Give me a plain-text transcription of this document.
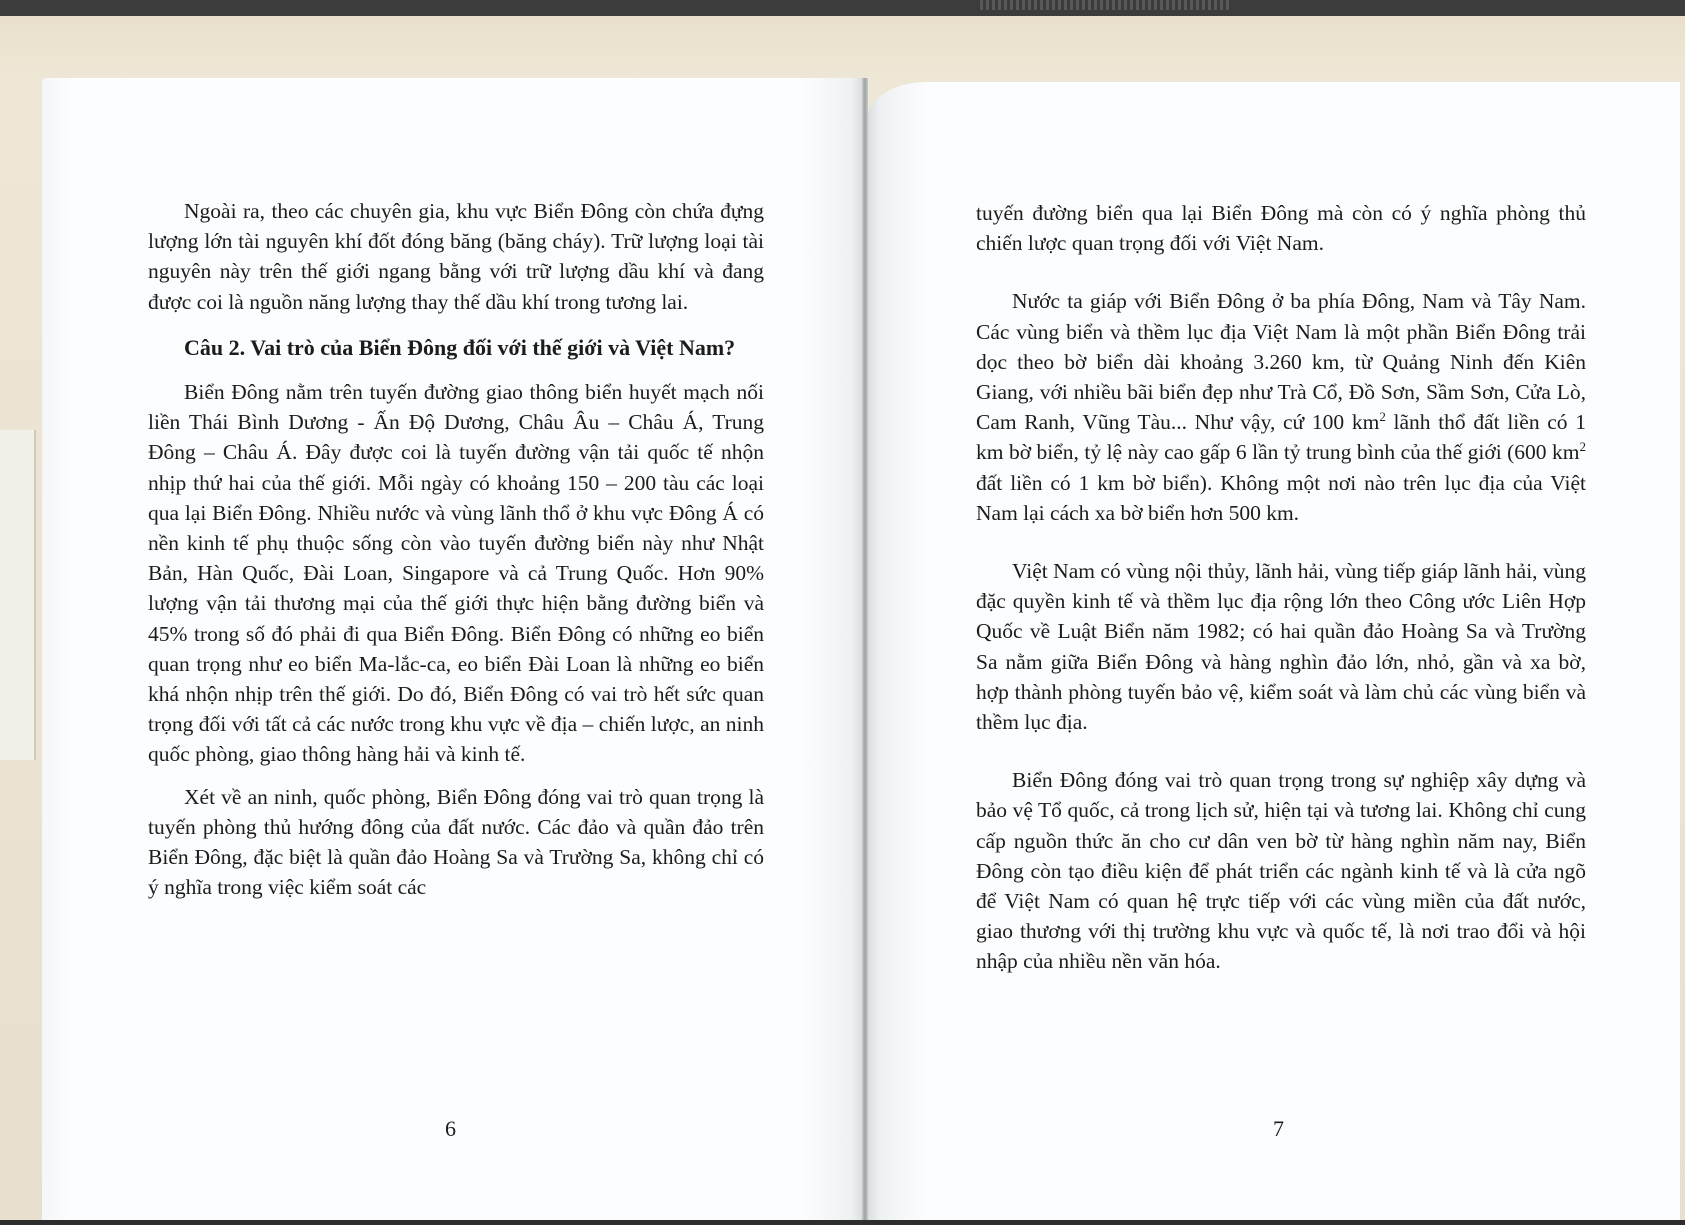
Ngoài ra, theo các chuyên gia, khu vực Biển Đông còn chứa đựng lượng lớn tài nguyên khí đốt đóng băng (băng cháy). Trữ lượng loại tài nguyên này trên thế giới ngang bằng với trữ lượng dầu khí và đang được coi là nguồn năng lượng thay thế dầu khí trong tương lai.

Câu 2. Vai trò của Biển Đông đối với thế giới và Việt Nam?

Biển Đông nằm trên tuyến đường giao thông biển huyết mạch nối liền Thái Bình Dương - Ấn Độ Dương, Châu Âu – Châu Á, Trung Đông – Châu Á. Đây được coi là tuyến đường vận tải quốc tế nhộn nhịp thứ hai của thế giới. Mỗi ngày có khoảng 150 – 200 tàu các loại qua lại Biển Đông. Nhiều nước và vùng lãnh thổ ở khu vực Đông Á có nền kinh tế phụ thuộc sống còn vào tuyến đường biển này như Nhật Bản, Hàn Quốc, Đài Loan, Singapore và cả Trung Quốc. Hơn 90% lượng vận tải thương mại của thế giới thực hiện bằng đường biển và 45% trong số đó phải đi qua Biển Đông. Biển Đông có những eo biển quan trọng như eo biển Ma-lắc-ca, eo biển Đài Loan là những eo biển khá nhộn nhịp trên thế giới. Do đó, Biển Đông có vai trò hết sức quan trọng đối với tất cả các nước trong khu vực về địa – chiến lược, an ninh quốc phòng, giao thông hàng hải và kinh tế.

Xét về an ninh, quốc phòng, Biển Đông đóng vai trò quan trọng là tuyến phòng thủ hướng đông của đất nước. Các đảo và quần đảo trên Biển Đông, đặc biệt là quần đảo Hoàng Sa và Trường Sa, không chỉ có ý nghĩa trong việc kiểm soát các

6

tuyến đường biển qua lại Biển Đông mà còn có ý nghĩa phòng thủ chiến lược quan trọng đối với Việt Nam.

Nước ta giáp với Biển Đông ở ba phía Đông, Nam và Tây Nam. Các vùng biển và thềm lục địa Việt Nam là một phần Biển Đông trải dọc theo bờ biển dài khoảng 3.260 km, từ Quảng Ninh đến Kiên Giang, với nhiều bãi biển đẹp như Trà Cổ, Đồ Sơn, Sầm Sơn, Cửa Lò, Cam Ranh, Vũng Tàu... Như vậy, cứ 100 $km^2$ lãnh thổ đất liền có 1 km bờ biển, tỷ lệ này cao gấp 6 lần tỷ trung bình của thế giới (600 $km^2$ đất liền có 1 km bờ biển). Không một nơi nào trên lục địa của Việt Nam lại cách xa bờ biển hơn 500 km.

Việt Nam có vùng nội thủy, lãnh hải, vùng tiếp giáp lãnh hải, vùng đặc quyền kinh tế và thềm lục địa rộng lớn theo Công ước Liên Hợp Quốc về Luật Biển năm 1982; có hai quần đảo Hoàng Sa và Trường Sa nằm giữa Biển Đông và hàng nghìn đảo lớn, nhỏ, gần và xa bờ, hợp thành phòng tuyến bảo vệ, kiểm soát và làm chủ các vùng biển và thềm lục địa.

Biển Đông đóng vai trò quan trọng trong sự nghiệp xây dựng và bảo vệ Tổ quốc, cả trong lịch sử, hiện tại và tương lai. Không chỉ cung cấp nguồn thức ăn cho cư dân ven bờ từ hàng nghìn năm nay, Biển Đông còn tạo điều kiện để phát triển các ngành kinh tế và là cửa ngõ để Việt Nam có quan hệ trực tiếp với các vùng miền của đất nước, giao thương với thị trường khu vực và quốc tế, là nơi trao đổi và hội nhập của nhiều nền văn hóa.

7
